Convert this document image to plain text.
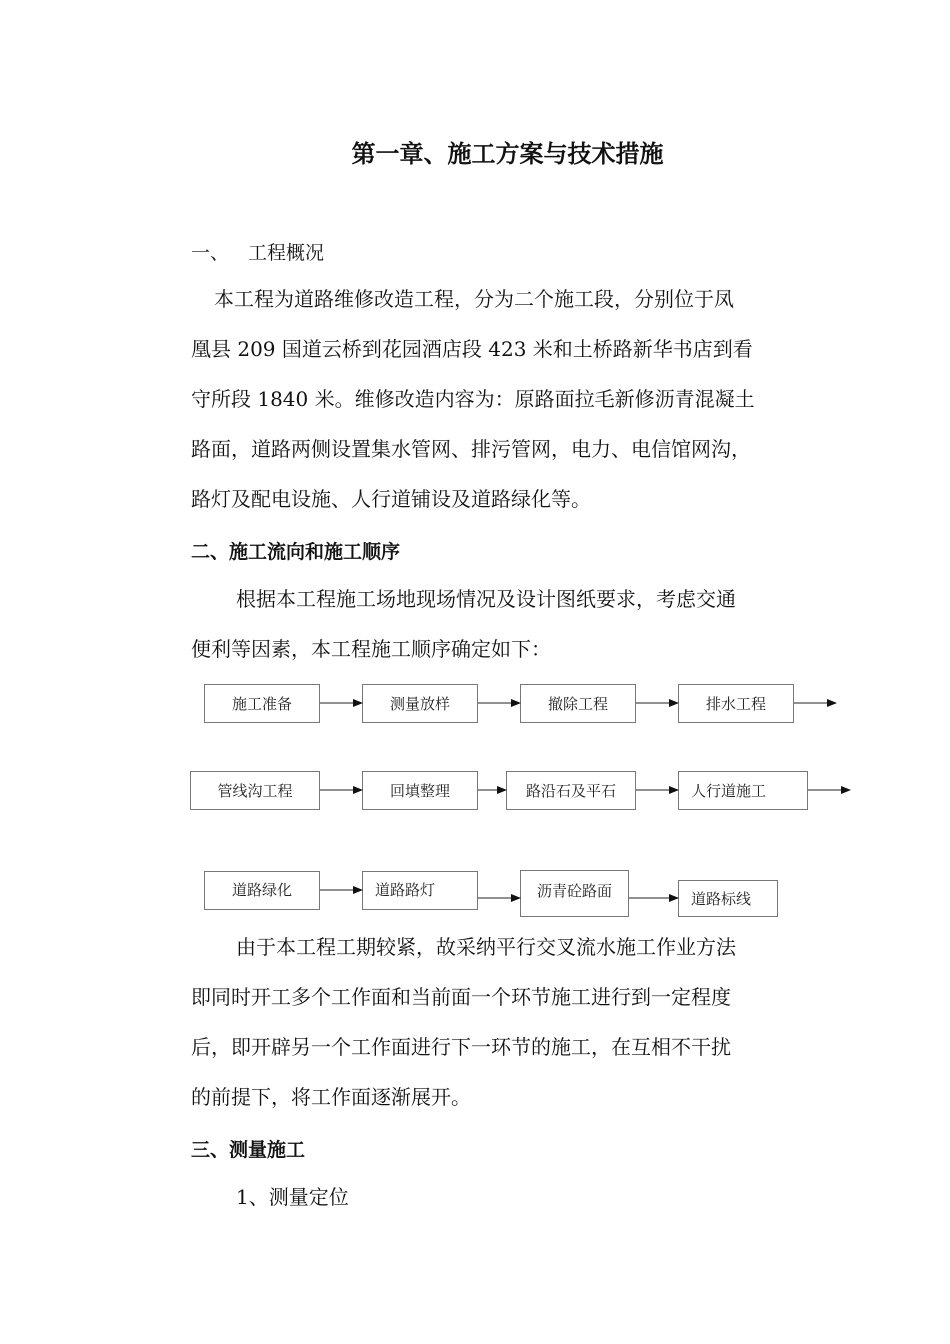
第一章、施工方案与技术措施
一、 工程概况
本工程为道路维修改造工程，分为二个施工段，分别位于凤
凰县 209 国道云桥到花园酒店段 423 米和土桥路新华书店到看
守所段 1840 米。维修改造内容为：原路面拉毛新修沥青混凝土
路面，道路两侧设置集水管网、排污管网，电力、电信馆网沟，
路灯及配电设施、人行道铺设及道路绿化等。
二、施工流向和施工顺序
根据本工程施工场地现场情况及设计图纸要求，考虑交通
便利等因素，本工程施工顺序确定如下：
施工准备	测量放样	撤除工程	排水工程
管线沟工程	回填整理	路沿石及平石	人行道施工
道路绿化	道路路灯	沥青砼路面	道路标线
由于本工程工期较紧，故采纳平行交叉流水施工作业方法
即同时开工多个工作面和当前面一个环节施工进行到一定程度
后，即开辟另一个工作面进行下一环节的施工，在互相不干扰
的前提下，将工作面逐渐展开。
三、测量施工
1、测量定位
